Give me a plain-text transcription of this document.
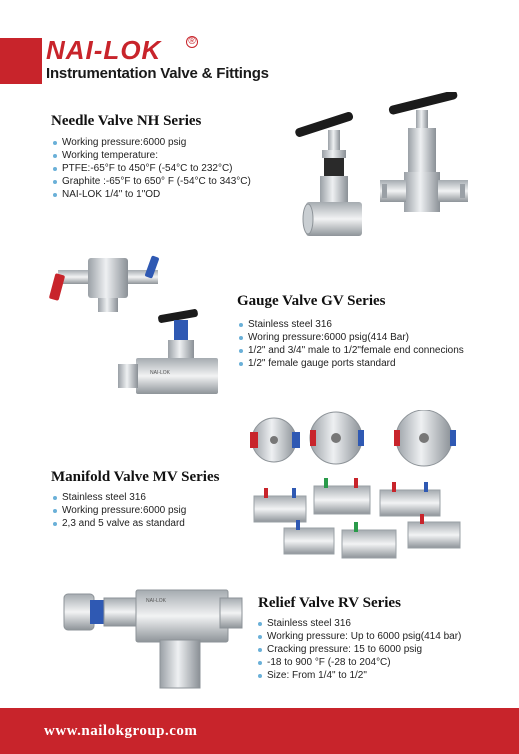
NAI-LOK	®
Instrumentation Valve & Fittings
Needle Valve NH Series
Working pressure:6000 psig
Working temperature:
PTFE:-65°F to 450°F (-54°C to 232°C)
Graphite :-65°F to 650° F (-54°C to 343°C)
NAI-LOK 1/4" to 1"OD
NAI-LOK
Gauge Valve GV Series
Stainless steel 316
Woring pressure:6000 psig(414 Bar)
1/2" and 3/4" male to 1/2"female end connecions
1/2" female gauge ports standard
Manifold Valve MV Series
Stainless steel 316
Working pressure:6000 psig
2,3 and 5 valve as standard
NAI-LOK	Relief Valve RV Series
Stainless steel 316
Working pressure: Up to 6000 psig(414 bar)
Cracking pressure: 15 to 6000 psig
-18 to 900 °F (-28 to 204°C)
Size: From 1/4" to 1/2"
www.nailokgroup.com
